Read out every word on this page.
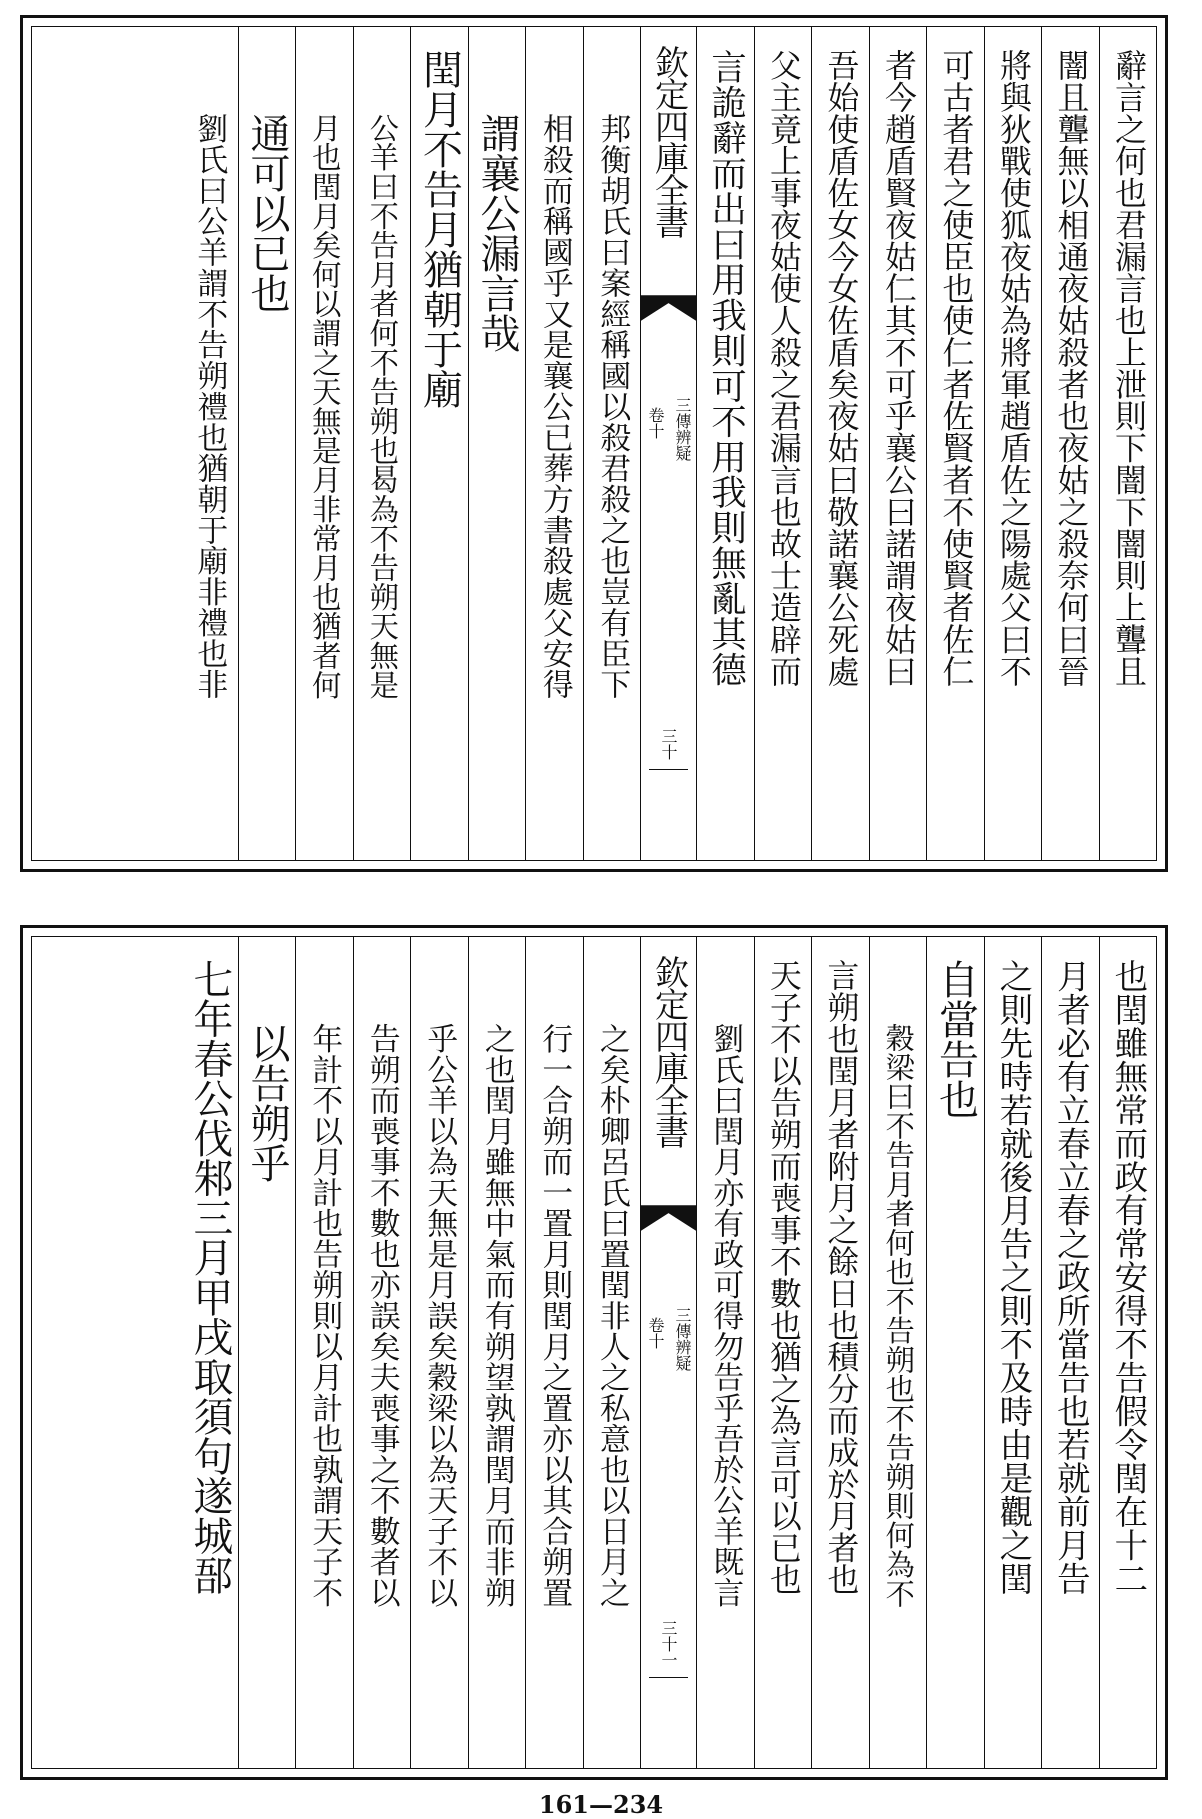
辭言之何也君漏言也上泄則下闇下闇則上聾且
闇且聾無以相通夜姑殺者也夜姑之殺奈何曰晉
將與狄戰使狐夜姑為將軍趙盾佐之陽處父曰不
可古者君之使臣也使仁者佐賢者不使賢者佐仁
者今趙盾賢夜姑仁其不可乎襄公曰諾謂夜姑曰
吾始使盾佐女今女佐盾矣夜姑曰敬諾襄公死處
父主竟上事夜姑使人殺之君漏言也故士造辟而
言詭辭而出曰用我則可不用我則無亂其德
欽定四庫全書
三傳辨疑
卷十
三十
邦衡胡氏曰案經稱國以殺君殺之也豈有臣下
相殺而稱國乎又是襄公已葬方書殺處父安得
謂襄公漏言哉
閏月不告月猶朝于廟
公羊曰不告月者何不告朔也曷為不告朔天無是
月也閏月矣何以謂之天無是月非常月也猶者何
通可以已也
劉氏曰公羊謂不告朔禮也猶朝于廟非禮也非
也閏雖無常而政有常安得不告假令閏在十二
月者必有立春立春之政所當告也若就前月告
之則先時若就後月告之則不及時由是觀之閏
自當告也
穀梁曰不告月者何也不告朔也不告朔則何為不
言朔也閏月者附月之餘日也積分而成於月者也
天子不以告朔而喪事不數也猶之為言可以已也
劉氏曰閏月亦有政可得勿告乎吾於公羊既言
欽定四庫全書
三傳辨疑
卷十
三十一
之矣朴卿呂氏曰置閏非人之私意也以日月之
行一合朔而一置月則閏月之置亦以其合朔置
之也閏月雖無中氣而有朔望孰謂閏月而非朔
乎公羊以為天無是月誤矣穀梁以為天子不以
告朔而喪事不數也亦誤矣夫喪事之不數者以
年計不以月計也告朔則以月計也孰謂天子不
以告朔乎
七年春公伐邾三月甲戌取須句遂城郚
161—234
